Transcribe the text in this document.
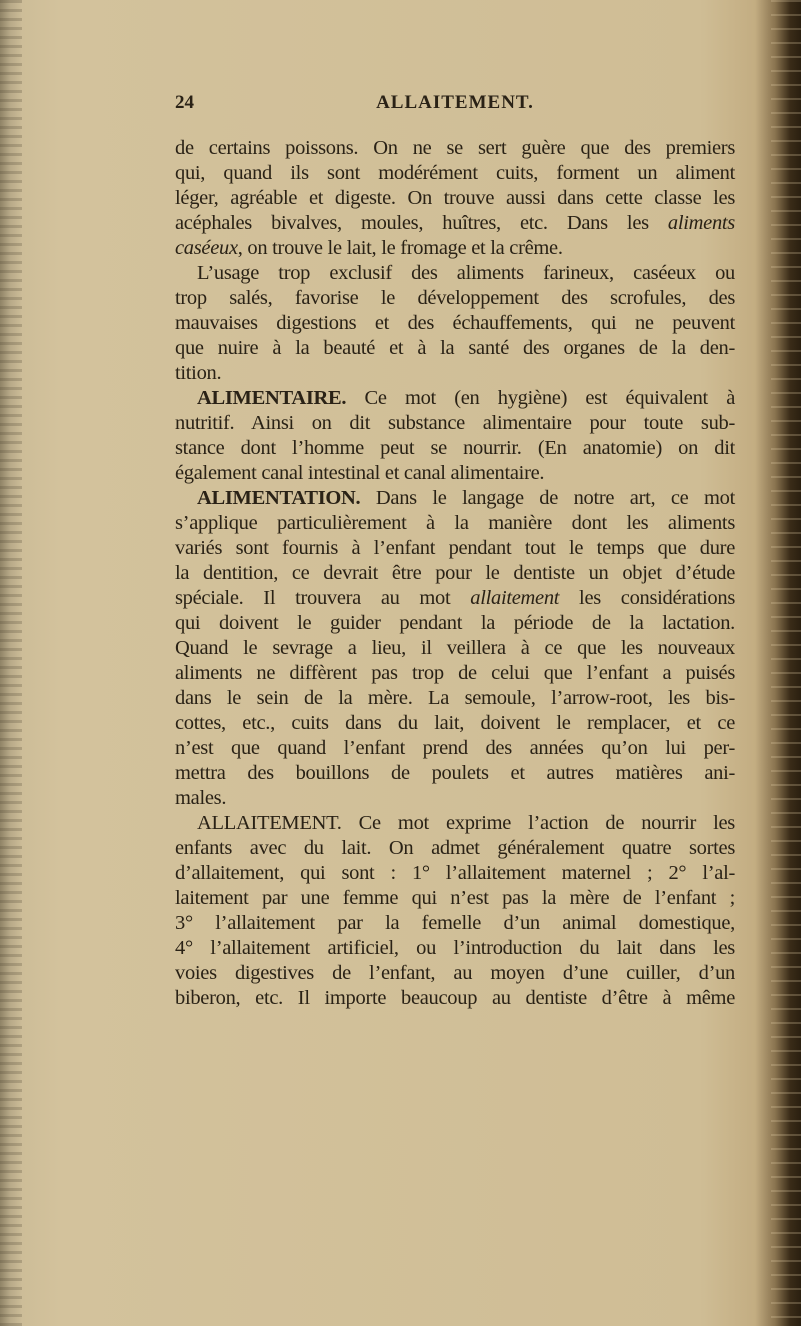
24	ALLAITEMENT.
de certains poissons. On ne se sert guère que des premiers
qui, quand ils sont modérément cuits, forment un aliment
léger, agréable et digeste. On trouve aussi dans cette classe les
acéphales bivalves, moules, huîtres, etc. Dans les aliments
caséeux, on trouve le lait, le fromage et la crême.
L’usage trop exclusif des aliments farineux, caséeux ou
trop salés, favorise le développement des scrofules, des
mauvaises digestions et des échauffements, qui ne peuvent
que nuire à la beauté et à la santé des organes de la den-
tition.
ALIMENTAIRE. Ce mot (en hygiène) est équivalent à
nutritif. Ainsi on dit substance alimentaire pour toute sub-
stance dont l’homme peut se nourrir. (En anatomie) on dit
également canal intestinal et canal alimentaire.
ALIMENTATION. Dans le langage de notre art, ce mot
s’applique particulièrement à la manière dont les aliments
variés sont fournis à l’enfant pendant tout le temps que dure
la dentition, ce devrait être pour le dentiste un objet d’étude
spéciale. Il trouvera au mot allaitement les considérations
qui doivent le guider pendant la période de la lactation.
Quand le sevrage a lieu, il veillera à ce que les nouveaux
aliments ne diffèrent pas trop de celui que l’enfant a puisés
dans le sein de la mère. La semoule, l’arrow-root, les bis-
cottes, etc., cuits dans du lait, doivent le remplacer, et ce
n’est que quand l’enfant prend des années qu’on lui per-
mettra des bouillons de poulets et autres matières ani-
males.
ALLAITEMENT. Ce mot exprime l’action de nourrir les
enfants avec du lait. On admet généralement quatre sortes
d’allaitement, qui sont : 1° l’allaitement maternel ; 2° l’al-
laitement par une femme qui n’est pas la mère de l’enfant ;
3° l’allaitement par la femelle d’un animal domestique,
4° l’allaitement artificiel, ou l’introduction du lait dans les
voies digestives de l’enfant, au moyen d’une cuiller, d’un
biberon, etc. Il importe beaucoup au dentiste d’être à même
